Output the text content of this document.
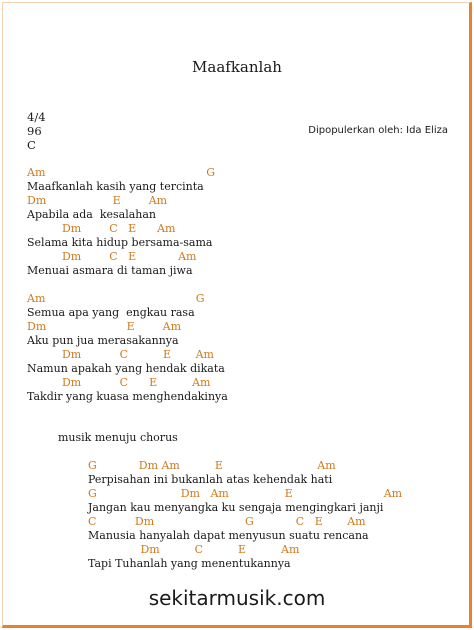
Maafkanlah
4/4
96
C
Dipopulerkan oleh: Ida Eliza
Am                                              G
Maafkanlah kasih yang tercinta
Dm                   E        Am
Apabila ada  kesalahan
Dm        C   E      Am
Selama kita hidup bersama-sama
Dm        C   E            Am
Menuai asmara di taman jiwa
Am                                           G
Semua apa yang  engkau rasa
Dm                       E        Am
Aku pun jua merasakannya
Dm           C          E       Am
Namun apakah yang hendak dikata
Dm           C      E          Am
Takdir yang kuasa menghendakinya
musik menuju chorus
G            Dm Am          E                           Am
Perpisahan ini bukanlah atas kehendak hati
G                        Dm   Am                E                          Am
Jangan kau menyangka ku sengaja mengingkari janji
C           Dm                          G            C   E       Am
Manusia hanyalah dapat menyusun suatu rencana
Dm          C          E          Am
Tapi Tuhanlah yang menentukannya
sekitarmusik.com
